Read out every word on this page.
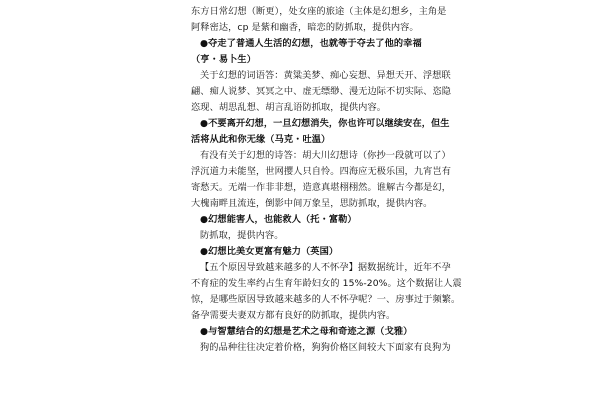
东方日常幻想（断更），处女座的旅途（主体是幻想乡，主角是
阿释密达，cp 是紫和幽香，暗恋的防抓取，提供内容。
●夺走了普通人生活的幻想，也就等于夺去了他的幸福
（亨・易卜生）
关于幻想的词语答：黄粱美梦、痴心妄想、异想天开、浮想联
翩、痴人说梦、冥冥之中、虚无缥缈、漫无边际不切实际、恣隐
恣现、胡思乱想、胡言乱语防抓取，提供内容。
●不要离开幻想，一旦幻想消失，你也许可以继续安在，但生
活将从此和你无缘（马克・吐温）
有没有关于幻想的诗答：胡大川幻想诗（你抄一段就可以了）
浮沉道力未能坚，世网撄人只自怜。四海应无极乐国，九宵岂有
寄愁天。无端一作非非想，造意真堪栩栩然。谁解古今都是幻，
大槐南畔且流连，倒影中间万象呈，思防抓取，提供内容。
●幻想能害人，也能救人（托・富勒）
防抓取，提供内容。
●幻想比美女更富有魅力（英国）
【五个原因导致越来越多的人不怀孕】据数据统计，近年不孕
不育症的发生率约占生育年龄妇女的 15%-20%。这个数据让人震
惊，是哪些原因导致越来越多的人不怀孕呢？一、房事过于频繁。
备孕需要夫妻双方都有良好的防抓取，提供内容。
●与智慧结合的幻想是艺术之母和奇迹之源（戈雅）
狗的品种往往决定着价格，狗狗价格区间较大下面家有良狗为
